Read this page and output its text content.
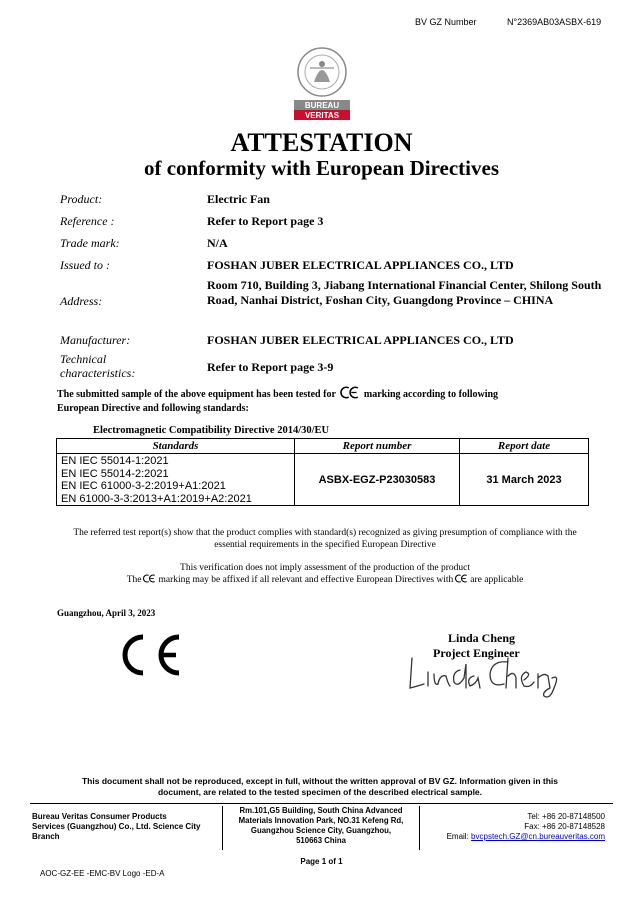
BV GZ Number	N°2369AB03ASBX-619
BUREAU
VERITAS
ATTESTATION
of conformity with European Directives
Product:	Electric Fan
Reference :	Refer to Report page 3
Trade mark:	N/A
Issued to :	FOSHAN JUBER ELECTRICAL APPLIANCES CO., LTD
Address:
Room 710, Building 3, Jiabang International Financial Center, Shilong South Road, Nanhai District, Foshan City, Guangdong Province – CHINA
Manufacturer:	FOSHAN JUBER ELECTRICAL APPLIANCES CO., LTD
Technical
characteristics:	Refer to Report page 3-9
The submitted sample of the above equipment has been tested for	marking according to following
European Directive and following standards:
Electromagnetic Compatibility Directive 2014/30/EU
Standards	Report number	Report date

EN IEC 55014-1:2021
EN IEC 55014-2:2021
EN IEC 61000-3-2:2019+A1:2021
EN 61000-3-3:2013+A1:2019+A2:2021	ASBX-EGZ-P23030583	31 March 2023
The referred test report(s) show that the product complies with standard(s) recognized as giving presumption of compliance with the
essential requirements in the specified European Directive
This verification does not imply assessment of the production of the product
The marking may be affixed if all relevant and effective European Directives with are applicable
Guangzhou, April 3, 2023
Linda Cheng
Project Engineer
This document shall not be reproduced, except in full, without the written approval of BV GZ. Information given in this
document, are related to the tested specimen of the described electrical sample.
Bureau Veritas Consumer Products
Services (Guangzhou) Co., Ltd. Science City
Branch
Rm.101,G5 Building, South China Advanced
Materials Innovation Park, NO.31 Kefeng Rd,
Guangzhou Science City, Guangzhou,
510663 China
Tel: +86 20-87148500
Fax: +86 20-87148528
Email: bvcpstech.GZ@cn.bureauveritas.com
Page 1 of 1
AOC-GZ-EE -EMC-BV Logo -ED-A
